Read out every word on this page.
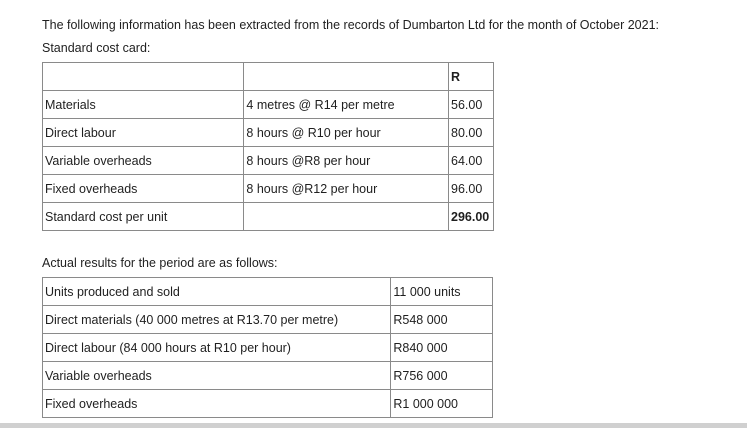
The following information has been extracted from the records of Dumbarton Ltd for the month of October 2021:
Standard cost card:
		R
Materials	4 metres @ R14 per metre	56.00
Direct labour	8 hours @ R10 per hour	80.00
Variable overheads	8 hours @R8 per hour	64.00
Fixed overheads	8 hours @R12 per hour	96.00
Standard cost per unit		296.00
Actual results for the period are as follows:
Units produced and sold	11 000 units
Direct materials (40 000 metres at R13.70 per metre)	R548 000
Direct labour (84 000 hours at R10 per hour)	R840 000
Variable overheads	R756 000
Fixed overheads	R1 000 000
